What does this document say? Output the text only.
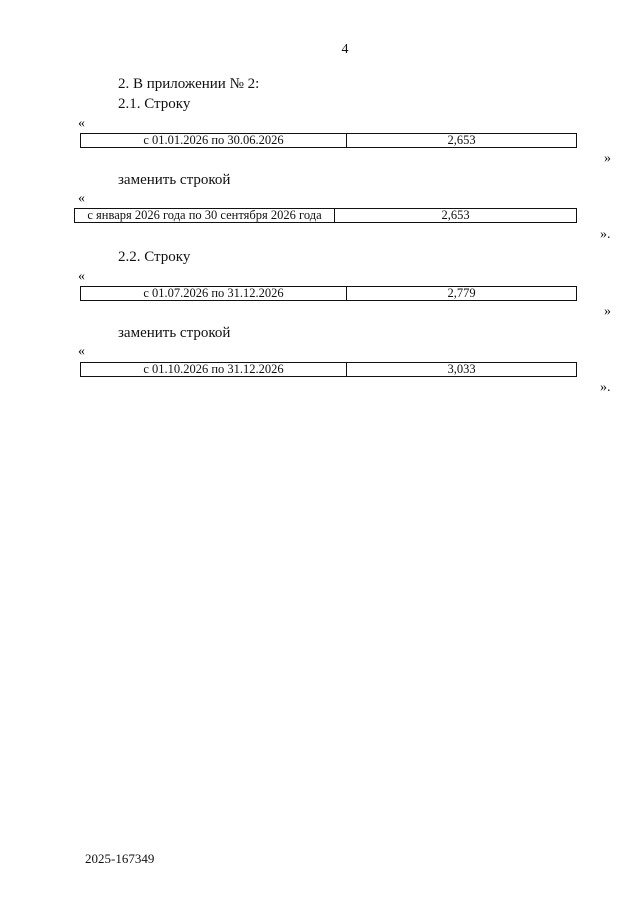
4
2. В приложении № 2:
2.1. Строку
«
с 01.01.2026 по 30.06.2026	2,653
»
заменить строкой
«
с января 2026 года по 30 сентября 2026 года	2,653
».
2.2. Строку
«
с 01.07.2026 по 31.12.2026	2,779
»
заменить строкой
«
с 01.10.2026 по 31.12.2026	3,033
».
2025-167349
